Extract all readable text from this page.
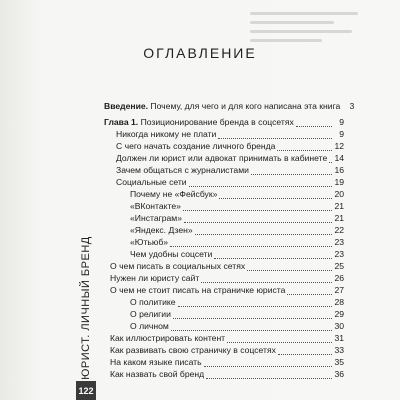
ЮРИСТ. ЛИЧНЫЙ БРЕНД
122
ОГЛАВЛЕНИЕ
Введение. Почему, для чего и для кого написана эта книга	3
Глава 1. Позиционирование бренда в соцсетях	9
Никогда никому не плати	9
С чего начать создание личного бренда	12
Должен ли юрист или адвокат принимать в кабинете 14
Зачем общаться с журналистами	16
Социальные сети	19
Почему не «Фейсбук»	20
«ВКонтакте»	21
«Инстаграм»	21
«Яндекс. Дзен»	22
«Ютьюб»	23
Чем удобны соцсети	23
О чем писать в социальных сетях	25
Нужен ли юристу сайт	26
О чем не стоит писать на страничке юриста	27
О политике	28
О религии	29
О личном	30
Как иллюстрировать контент	31
Как развивать свою страничку в соцсетях	33
На каком языке писать	35
Как назвать свой бренд	36
